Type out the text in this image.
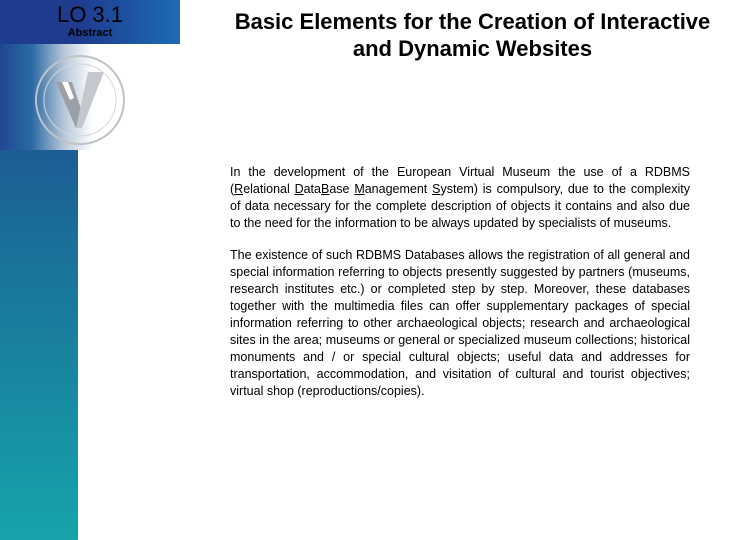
LO 3.1
Abstract	Basic Elements for the Creation of Interactive
and Dynamic Websites

In the development of the European Virtual Museum the use of a RDBMS (Relational DataBase Management System) is compulsory, due to the complexity of data necessary for the complete description of objects it contains and also due to the need for the information to be always updated by specialists of museums.

The existence of such RDBMS Databases allows the registration of all general and special information referring to objects presently suggested by partners (museums, research institutes etc.) or completed step by step. Moreover, these databases together with the multimedia files can offer supplementary packages of special information referring to other archaeological objects; research and archaeological sites in the area; museums or general or specialized museum collections; historical monuments and / or special cultural objects; useful data and addresses for transportation, accommodation, and visitation of cultural and tourist objectives; virtual shop (reproductions/copies).
